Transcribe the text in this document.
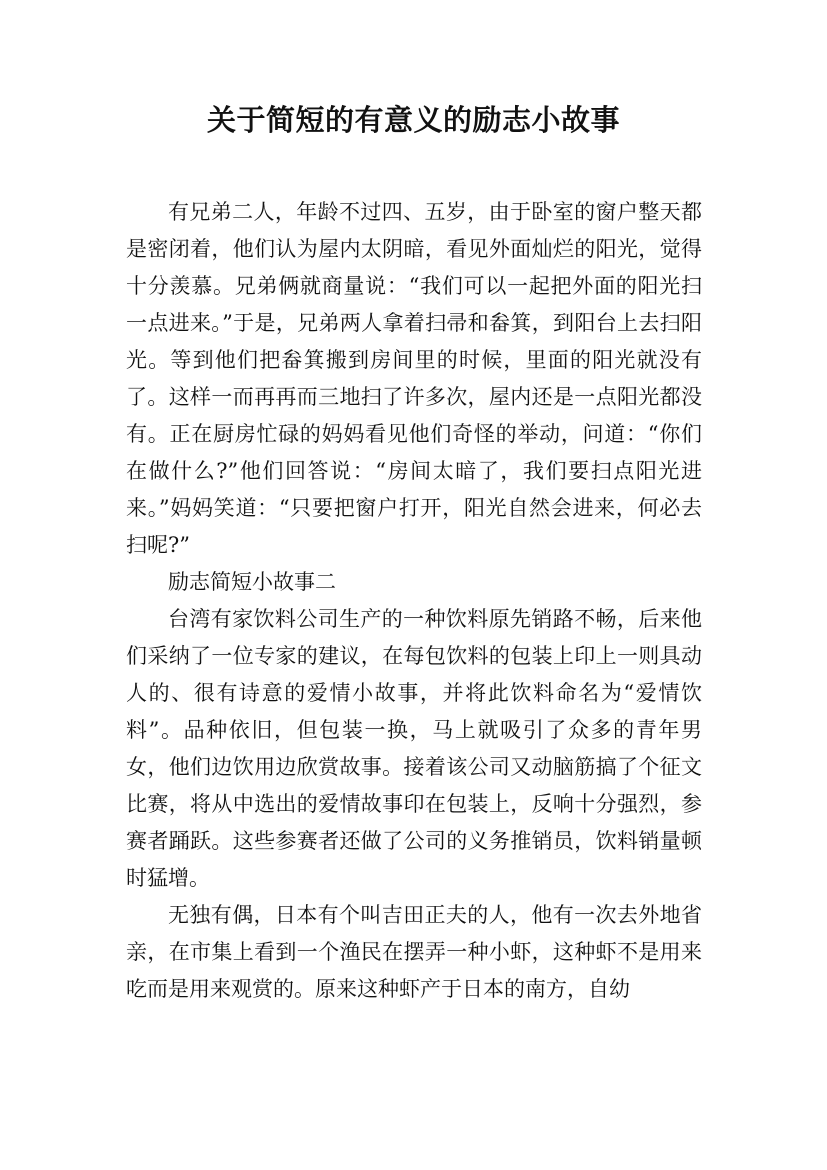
关于简短的有意义的励志小故事

有兄弟二人，年龄不过四、五岁，由于卧室的窗户整天都是密闭着，他们认为屋内太阴暗，看见外面灿烂的阳光，觉得十分羡慕。兄弟俩就商量说：“我们可以一起把外面的阳光扫一点进来。”于是，兄弟两人拿着扫帚和畚箕，到阳台上去扫阳光。等到他们把畚箕搬到房间里的时候，里面的阳光就没有了。这样一而再再而三地扫了许多次，屋内还是一点阳光都没有。正在厨房忙碌的妈妈看见他们奇怪的举动，问道：“你们在做什么?”他们回答说：“房间太暗了，我们要扫点阳光进来。”妈妈笑道：“只要把窗户打开，阳光自然会进来，何必去扫呢?”

励志简短小故事二

台湾有家饮料公司生产的一种饮料原先销路不畅，后来他们采纳了一位专家的建议，在每包饮料的包装上印上一则具动人的、很有诗意的爱情小故事，并将此饮料命名为“爱情饮料”。品种依旧，但包装一换，马上就吸引了众多的青年男女，他们边饮用边欣赏故事。接着该公司又动脑筋搞了个征文比赛，将从中选出的爱情故事印在包装上，反响十分强烈，参赛者踊跃。这些参赛者还做了公司的义务推销员，饮料销量顿时猛增。

无独有偶，日本有个叫吉田正夫的人，他有一次去外地省亲，在市集上看到一个渔民在摆弄一种小虾，这种虾不是用来吃而是用来观赏的。原来这种虾产于日本的南方，自幼
